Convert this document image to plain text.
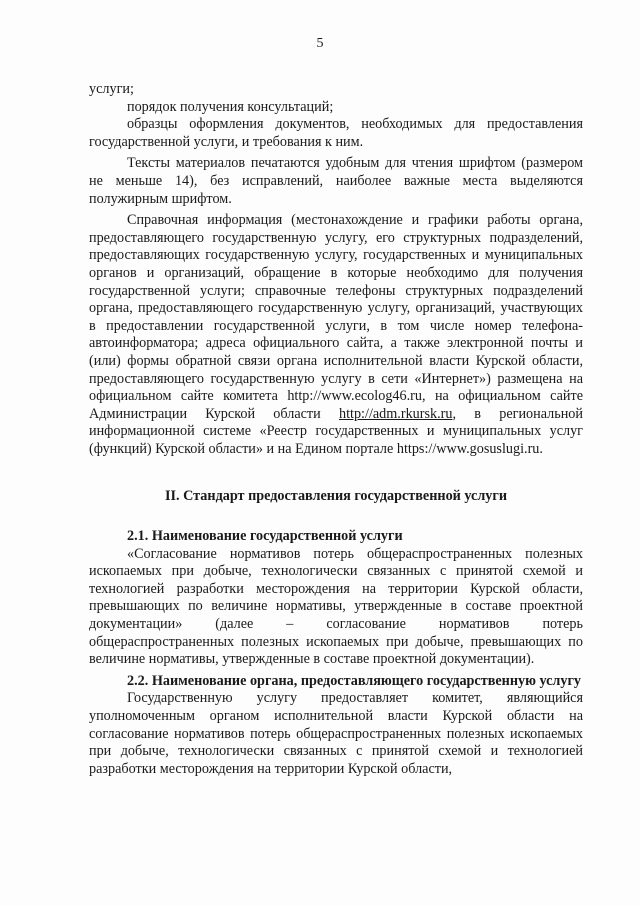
5

услуги;

порядок получения консультаций;

образцы оформления документов, необходимых для предоставления государственной услуги, и требования к ним.

Тексты материалов печатаются удобным для чтения шрифтом (размером не меньше 14), без исправлений, наиболее важные места выделяются полужирным шрифтом.

Справочная информация (местонахождение и графики работы органа, предоставляющего государственную услугу, его структурных подразделений, предоставляющих государственную услугу, государственных и муниципальных органов и организаций, обращение в которые необходимо для получения государственной услуги; справочные телефоны структурных подразделений органа, предоставляющего государственную услугу, организаций, участвующих в предоставлении государственной услуги, в том числе номер телефона-автоинформатора; адреса официального сайта, а также электронной почты и (или) формы обратной связи органа исполнительной власти Курской области, предоставляющего государственную услугу в сети «Интернет») размещена на официальном сайте комитета http://www.ecolog46.ru, на официальном сайте Администрации Курской области http://adm.rkursk.ru, в региональной информационной системе «Реестр государственных и муниципальных услуг (функций) Курской области» и на Едином портале https://www.gosuslugi.ru.

II. Стандарт предоставления государственной услуги

2.1. Наименование государственной услуги

«Согласование нормативов потерь общераспространенных полезных ископаемых при добыче, технологически связанных с принятой схемой и технологией разработки месторождения на территории Курской области, превышающих по величине нормативы, утвержденные в составе проектной документации» (далее – согласование нормативов потерь общераспространенных полезных ископаемых при добыче, превышающих по величине нормативы, утвержденные в составе проектной документации).

2.2. Наименование органа, предоставляющего государственную услугу

Государственную услугу предоставляет комитет, являющийся уполномоченным органом исполнительной власти Курской области на согласование нормативов потерь общераспространенных полезных ископаемых при добыче, технологически связанных с принятой схемой и технологией разработки месторождения на территории Курской области,
